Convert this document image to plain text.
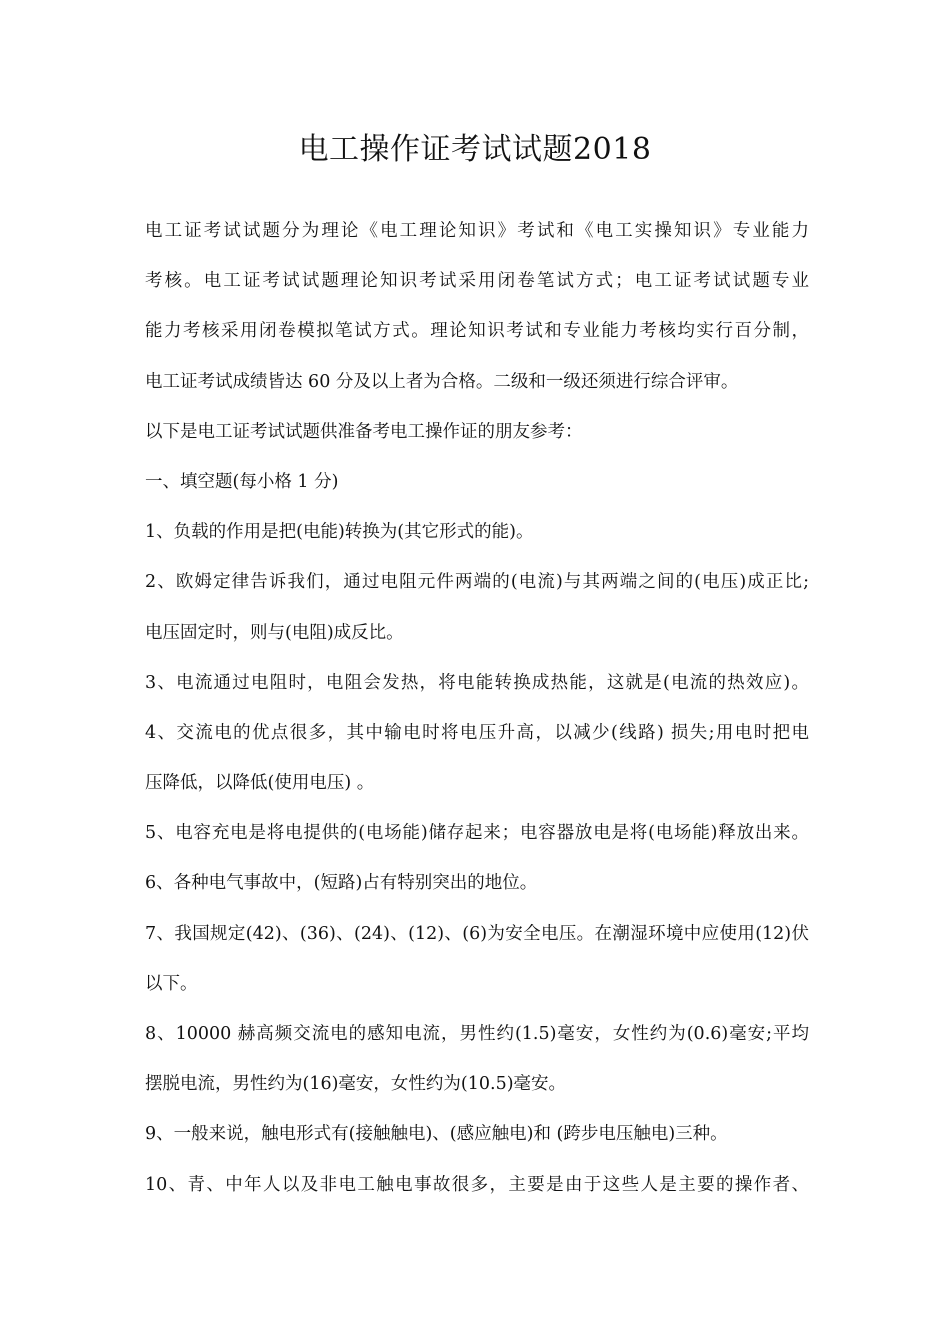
电工操作证考试试题2018
电工证考试试题分为理论《电工理论知识》考试和《电工实操知识》专业能力
考核。电工证考试试题理论知识考试采用闭卷笔试方式；电工证考试试题专业
能力考核采用闭卷模拟笔试方式。理论知识考试和专业能力考核均实行百分制，
电工证考试成绩皆达 60 分及以上者为合格。二级和一级还须进行综合评审。
以下是电工证考试试题供准备考电工操作证的朋友参考：
一、填空题(每小格 1 分)
1、负载的作用是把(电能)转换为(其它形式的能)。
2、欧姆定律告诉我们，通过电阻元件两端的(电流)与其两端之间的(电压)成正比;
电压固定时，则与(电阻)成反比。
3、电流通过电阻时，电阻会发热，将电能转换成热能，这就是(电流的热效应)。
4、交流电的优点很多，其中输电时将电压升高，以减少(线路) 损失;用电时把电
压降低，以降低(使用电压) 。
5、电容充电是将电提供的(电场能)储存起来；电容器放电是将(电场能)释放出来。
6、各种电气事故中，(短路)占有特别突出的地位。
7、我国规定(42)、(36)、(24)、(12)、(6)为安全电压。在潮湿环境中应使用(12)伏
以下。
8、10000 赫高频交流电的感知电流，男性约(1.5)毫安，女性约为(0.6)毫安;平均
摆脱电流，男性约为(16)毫安，女性约为(10.5)毫安。
9、一般来说，触电形式有(接触触电)、(感应触电)和 (跨步电压触电)三种。
10、青、中年人以及非电工触电事故很多，主要是由于这些人是主要的操作者、
